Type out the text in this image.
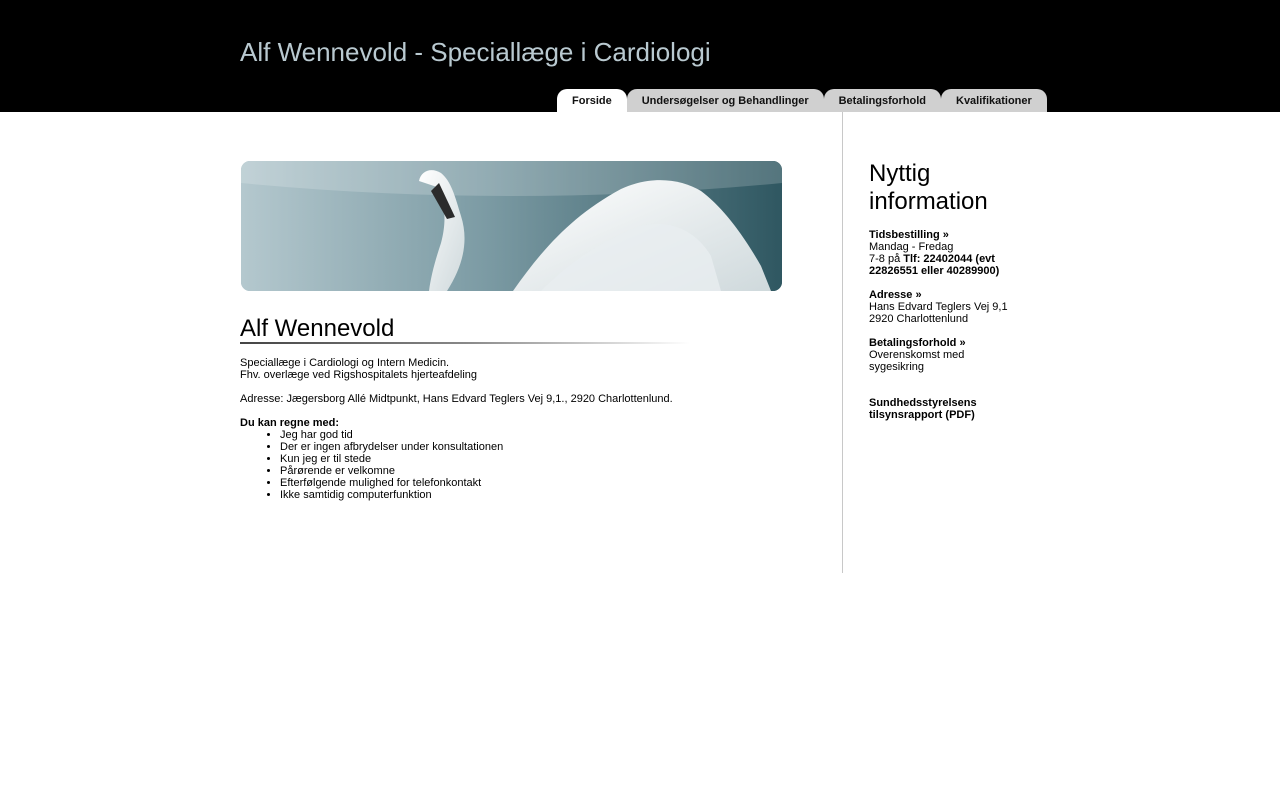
Alf Wennevold - Speciallæge i Cardiologi
Forside	Undersøgelser og Behandlinger	Betalingsforhold	Kvalifikationer
Alf Wennevold

Speciallæge i Cardiologi og Intern Medicin.

Fhv. overlæge ved Rigshospitalets hjerteafdeling

Adresse: Jægersborg Allé Midtpunkt, Hans Edvard Teglers Vej 9,1., 2920 Charlottenlund.

Du kan regne med:

• Jeg har god tid
• Der er ingen afbrydelser under konsultationen
• Kun jeg er til stede
• Pårørende er velkomne
• Efterfølgende mulighed for telefonkontakt
• Ikke samtidig computerfunktion
Nyttig
information
Tidsbestilling »
Mandag - Fredag
7-8 på Tlf: 22402044 (evt 22826551 eller 40289900)
Adresse »
Hans Edvard Teglers Vej 9,1
2920 Charlottenlund
Betalingsforhold »
Overenskomst med sygesikring
Sundhedsstyrelsens tilsynsrapport (PDF)
